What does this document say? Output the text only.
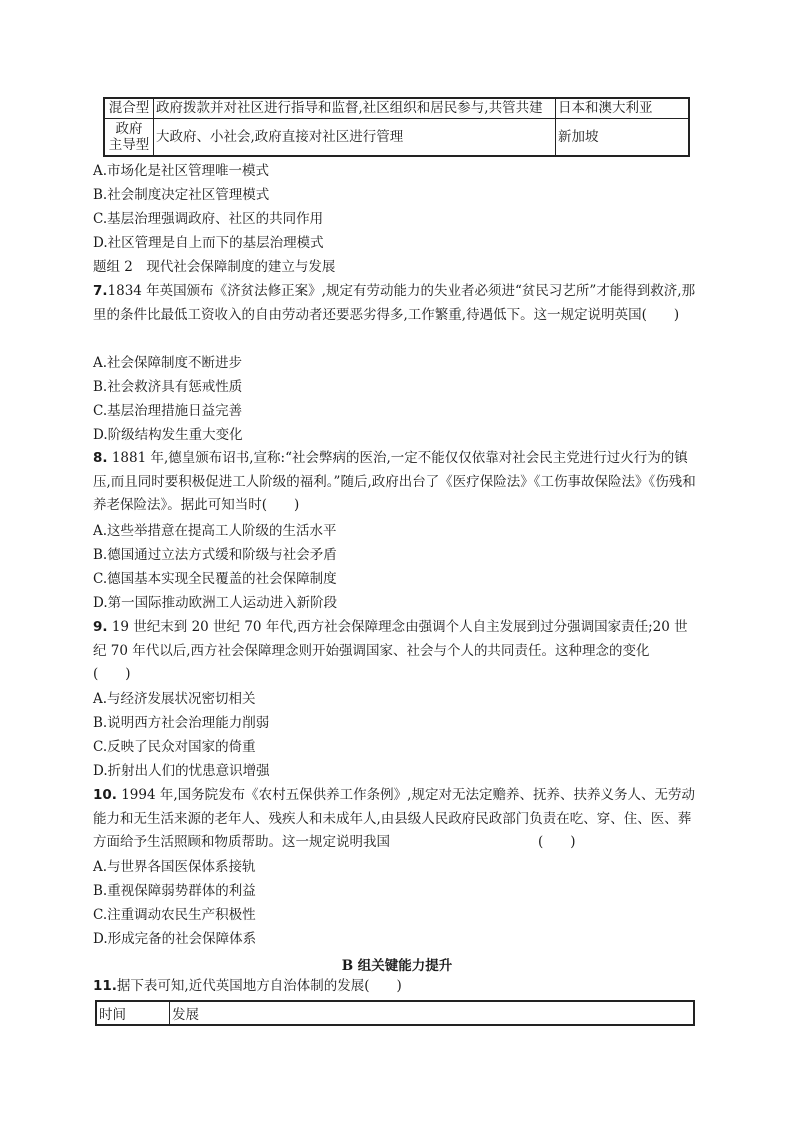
混合型	政府拨款并对社区进行指导和监督,社区组织和居民参与,共管共建	日本和澳大利亚

政府
主导型	大政府、小社会,政府直接对社区进行管理	新加坡
A.市场化是社区管理唯一模式
B.社会制度决定社区管理模式
C.基层治理强调政府、社区的共同作用
D.社区管理是自上而下的基层治理模式
题组 2　现代社会保障制度的建立与发展
7.1834 年英国颁布《济贫法修正案》,规定有劳动能力的失业者必须进“贫民习艺所”才能得到救济,那里的条件比最低工资收入的自由劳动者还要恶劣得多,工作繁重,待遇低下。这一规定说明英国(　　)
A.社会保障制度不断进步
B.社会救济具有惩戒性质
C.基层治理措施日益完善
D.阶级结构发生重大变化
8. 1881 年,德皇颁布诏书,宣称:“社会弊病的医治,一定不能仅仅依靠对社会民主党进行过火行为的镇压,而且同时要积极促进工人阶级的福利。”随后,政府出台了《医疗保险法》《工伤事故保险法》《伤残和养老保险法》。据此可知当时(　　)
A.这些举措意在提高工人阶级的生活水平
B.德国通过立法方式缓和阶级与社会矛盾
C.德国基本实现全民覆盖的社会保障制度
D.第一国际推动欧洲工人运动进入新阶段
9. 19 世纪末到 20 世纪 70 年代,西方社会保障理念由强调个人自主发展到过分强调国家责任;20 世纪 70 年代以后,西方社会保障理念则开始强调国家、社会与个人的共同责任。这种理念的变化
(　　)
A.与经济发展状况密切相关
B.说明西方社会治理能力削弱
C.反映了民众对国家的倚重
D.折射出人们的忧患意识增强
10. 1994 年,国务院发布《农村五保供养工作条例》,规定对无法定赡养、抚养、扶养义务人、无劳动能力和无生活来源的老年人、残疾人和未成年人,由县级人民政府民政部门负责在吃、穿、住、医、葬方面给予生活照顾和物质帮助。这一规定说明我国	(　　)
A.与世界各国医保体系接轨
B.重视保障弱势群体的利益
C.注重调动农民生产积极性
D.形成完备的社会保障体系
B 组关键能力提升
11.据下表可知,近代英国地方自治体制的发展(　　)
时间	发展
